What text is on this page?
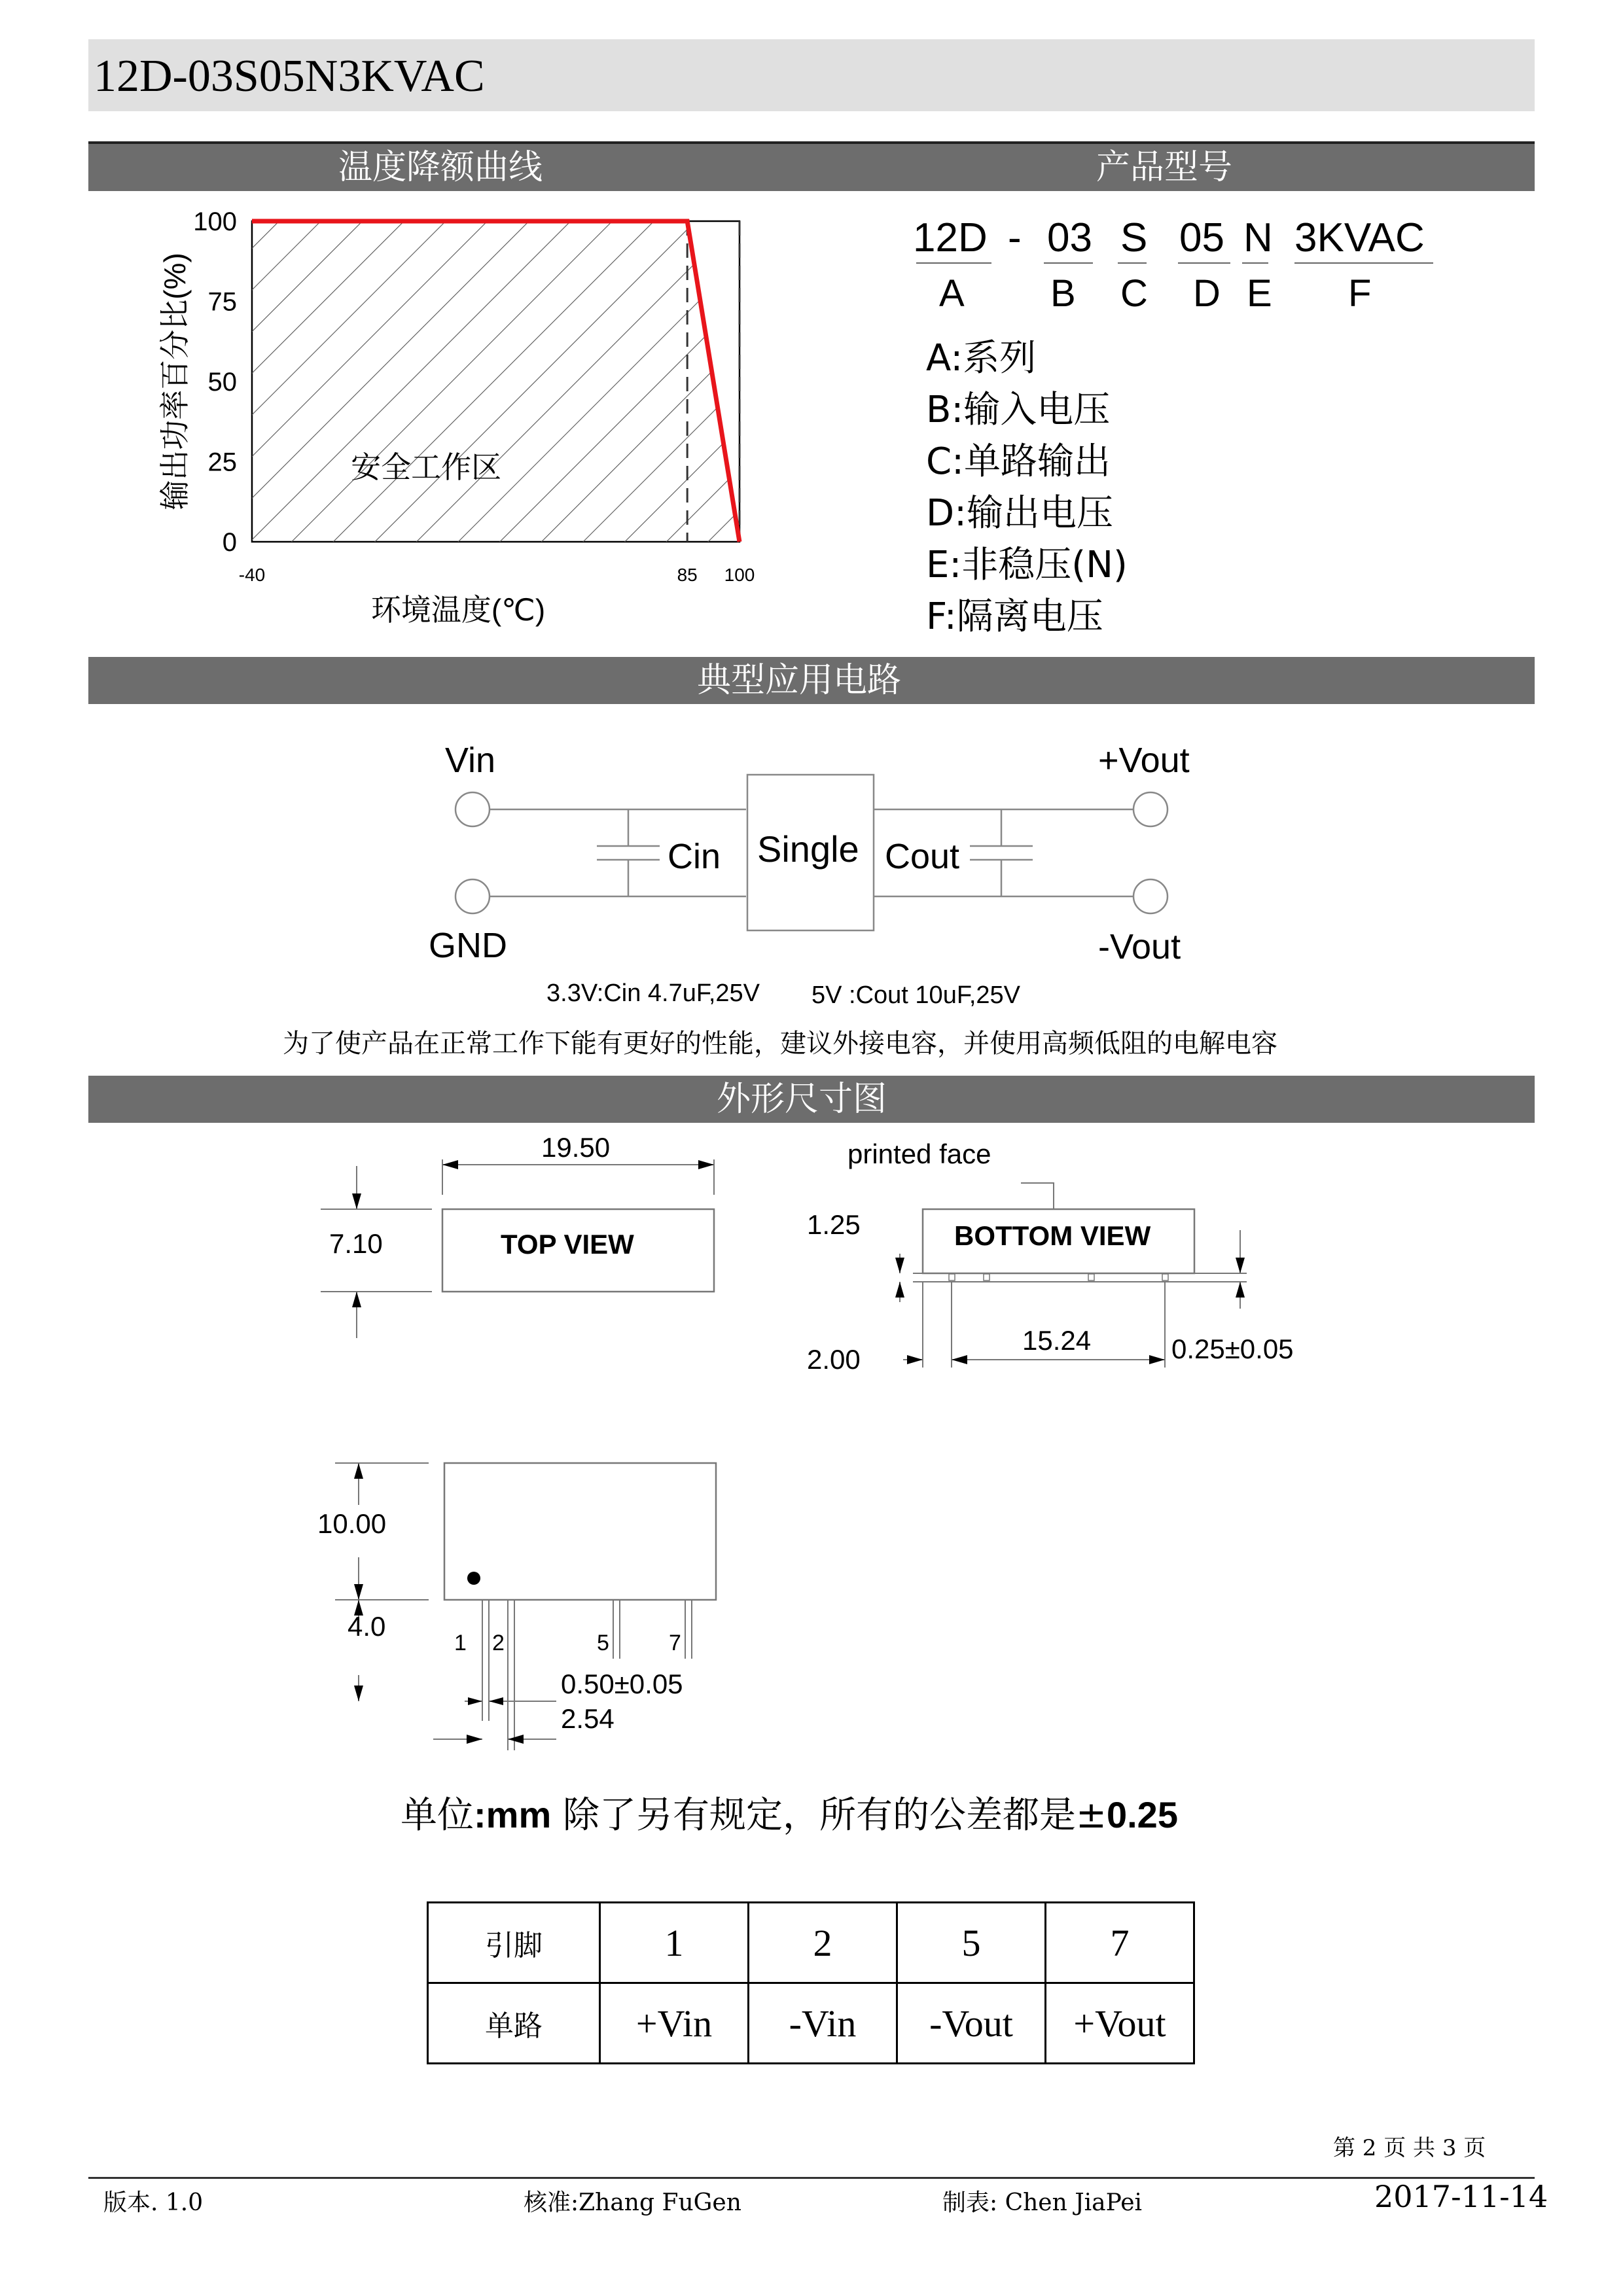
12D-03S05N3KVAC
温度降额曲线	产品型号
100
75
50
25
0
-40	85 100
安全工作区
环境温度(℃)
输出功率百分比(%)
12D - 03 S 05 N 3KVAC
A B C D E F
A:系列
B:输入电压
C:单路输出
D:输出电压
E:非稳压(N)
F:隔离电压
典型应用电路
Vin
GND
+Vout
-Vout
Cin	Cout
Single
3.3V:Cin 4.7uF,25V 5V :Cout 10uF,25V
为了使产品在正常工作下能有更好的性能，建议外接电容，并使用高频低阻的电解电容
外形尺寸图
19.50
7.10	TOP VIEW
printed face
BOTTOM VIEW
1.25
2.00
15.24	0.25±0.05
10.00
4.0
1 2	5	7
0.50±0.05
2.54
单位:mm 除了另有规定，所有的公差都是±0.25
引脚	1	2	5	7
单路	+Vin	-Vin	-Vout	+Vout
第 2 页 共 3 页
版本. 1.0	核准:Zhang FuGen	制表: Chen JiaPei	2017-11-14
